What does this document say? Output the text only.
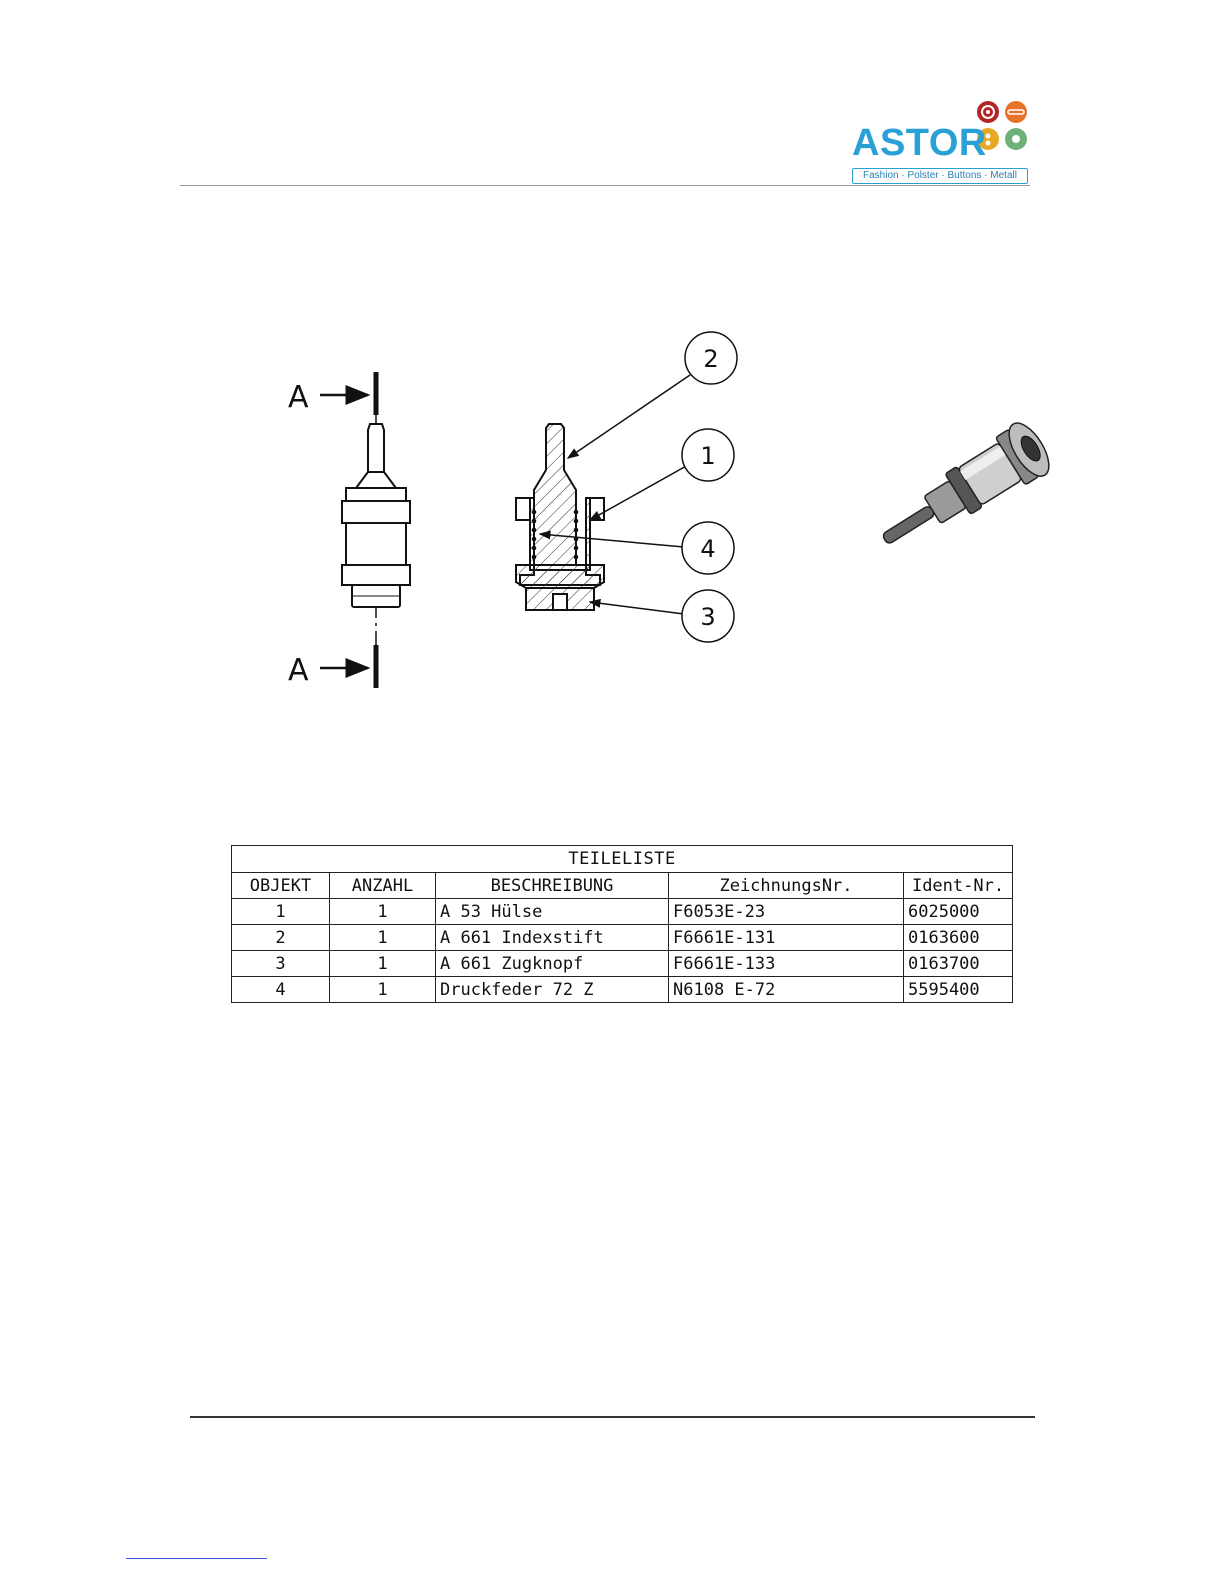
ASTOR
Fashion · Polster · Buttons · Metall
A
A
2
1
4
3
TEILELISTE				
OBJEKT	ANZAHL	BESCHREIBUNG	ZeichnungsNr.	Ident-Nr.
1	1	A 53 Hülse	F6053E-23	6025000
2	1	A 661 Indexstift	F6661E-131	0163600
3	1	A 661 Zugknopf	F6661E-133	0163700
4	1	Druckfeder 72 Z	N6108 E-72	5595400
